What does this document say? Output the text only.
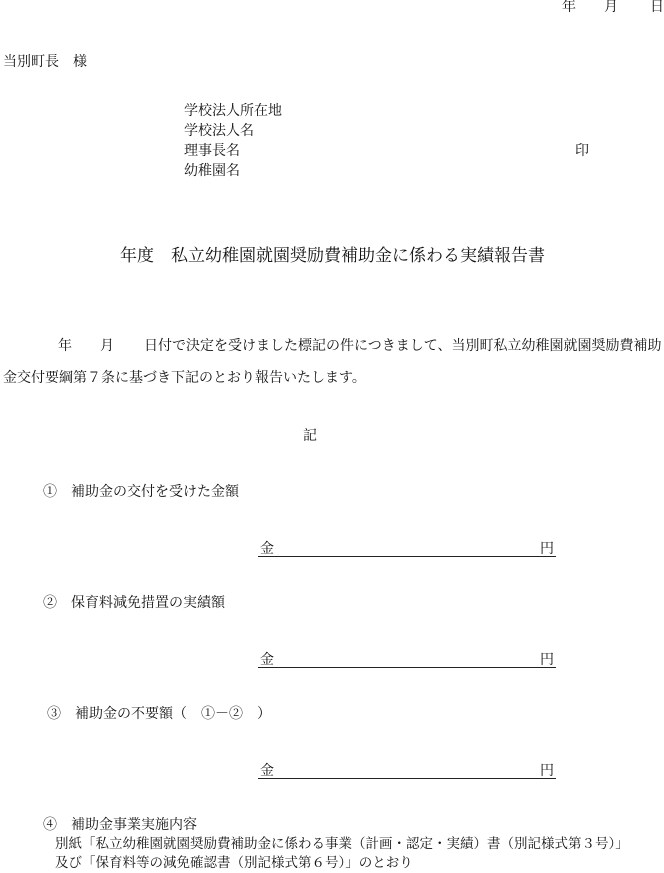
年 月 日
当別町長　様
学校法人所在地
学校法人名
理事長名	印
幼稚園名
年度　私立幼稚園就園奨励費補助金に係わる実績報告書
年 月 日付で決定を受けました標記の件につきまして、当別町私立幼稚園就園奨励費補助
金交付要綱第７条に基づき下記のとおり報告いたします。
記
①　補助金の交付を受けた金額
金	円
②　保育料減免措置の実績額
金	円
③　補助金の不要額（　①－②　）
金	円
④　補助金事業実施内容
別紙「私立幼稚園就園奨励費補助金に係わる事業（計画・認定・実績）書（別記様式第３号）」
及び「保育料等の減免確認書（別記様式第６号）」のとおり
